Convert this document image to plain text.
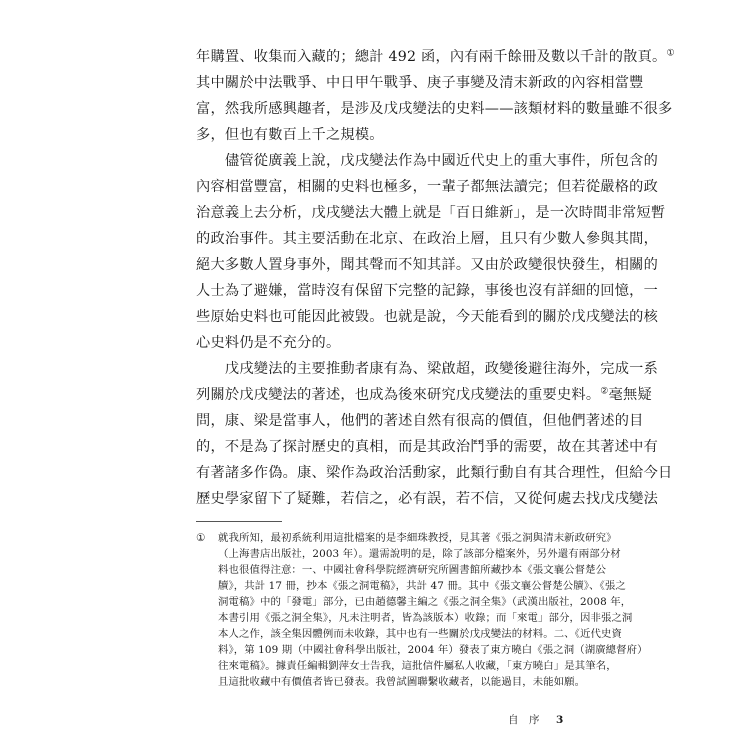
年購置、收集而入藏的；總計 492 函，內有兩千餘冊及數以千計的散頁。①
其中關於中法戰爭、中日甲午戰爭、庚子事變及清末新政的內容相當豐
富，然我所感興趣者，是涉及戊戌變法的史料——該類材料的數量雖不很多
多，但也有數百上千之規模。
　　儘管從廣義上說，戊戌變法作為中國近代史上的重大事件，所包含的
內容相當豐富，相關的史料也極多，一輩子都無法讀完；但若從嚴格的政
治意義上去分析，戊戌變法大體上就是「百日維新」，是一次時間非常短暫
的政治事件。其主要活動在北京、在政治上層，且只有少數人參與其間，
絕大多數人置身事外，聞其聲而不知其詳。又由於政變很快發生，相關的
人士為了避嫌，當時沒有保留下完整的記錄，事後也沒有詳細的回憶，一
些原始史料也可能因此被毀。也就是說，今天能看到的關於戊戌變法的核
心史料仍是不充分的。
　　戊戌變法的主要推動者康有為、梁啟超，政變後避往海外，完成一系
列關於戊戌變法的著述，也成為後來研究戊戌變法的重要史料。②毫無疑
問，康、梁是當事人，他們的著述自然有很高的價值，但他們著述的目
的，不是為了探討歷史的真相，而是其政治鬥爭的需要，故在其著述中有
有著諸多作偽。康、梁作為政治活動家，此類行動自有其合理性，但給今日
歷史學家留下了疑難，若信之，必有誤，若不信，又從何處去找戊戌變法
① 就我所知，最初系統利用這批檔案的是李細珠教授，見其著《張之洞與清末新政研究》
（上海書店出版社，2003 年）。還需說明的是，除了該部分檔案外，另外還有兩部分材
料也很值得注意：一、中國社會科學院經濟研究所圖書館所藏抄本《張文襄公督楚公
牘》，共計 17 冊，抄本《張之洞電稿》，共計 47 冊。其中《張文襄公督楚公牘》、《張之
洞電稿》中的「發電」部分，已由趙德馨主編之《張之洞全集》（武漢出版社，2008 年，
本書引用《張之洞全集》，凡未注明者，皆為該版本）收錄；而「來電」部分，因非張之洞
本人之作，該全集因體例而未收錄，其中也有一些關於戊戌變法的材料。二、《近代史資
料》，第 109 期（中國社會科學出版社，2004 年）發表了東方曉白《張之洞（湖廣總督府）
往來電稿》。據責任編輯劉萍女士告我，這批信件屬私人收藏，「東方曉白」是其筆名，
且這批收藏中有價值者皆已發表。我曾試圖聯繫收藏者，以能過目，未能如願。
自　序 3
